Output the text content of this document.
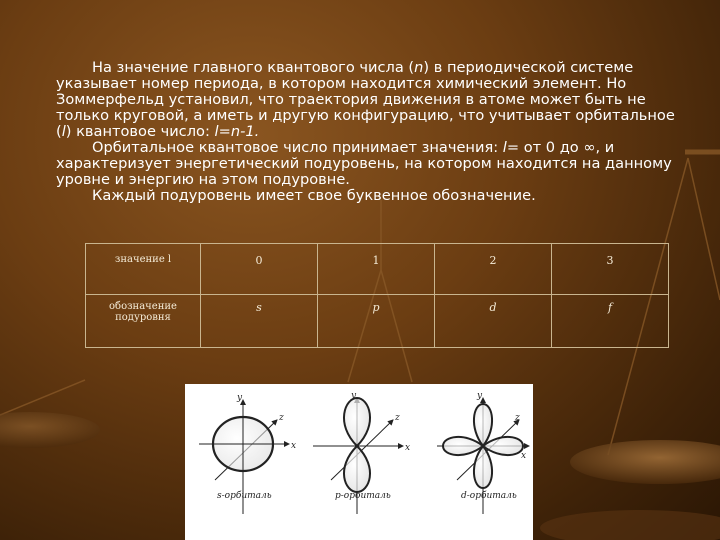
На значение главного квантового числа (n) в периодической системе указывает номер периода, в котором находится химический элемент. Но Зоммерфельд установил, что траектория движения в атоме может быть не только круговой, а иметь и другую конфигурацию, что учитывает орбитальное (l) квантовое число: l=n-1.

Орбитальное квантовое число принимает значения: l= от 0 до ∞, и характеризует энергетический подуровень, на котором находится на данному уровне и энергию на этом подуровне.

Каждый подуровень имеет свое буквенное обозначение.

значение l	0	1	2	3
обозначение подуровня	s	p	d	f
y
x
z
s-орбиталь
y
x
z
p-орбиталь
y
x
z
d-орбиталь
